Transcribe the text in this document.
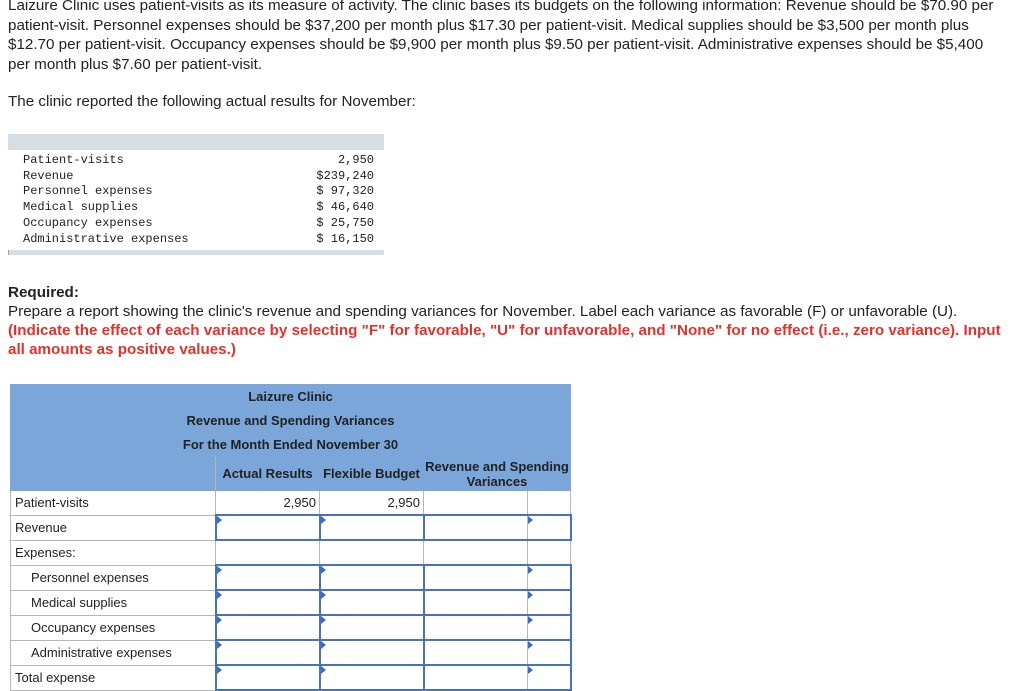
Laizure Clinic uses patient-visits as its measure of activity. The clinic bases its budgets on the following information: Revenue should be $70.90 per patient-visit. Personnel expenses should be $37,200 per month plus $17.30 per patient-visit. Medical supplies should be $3,500 per month plus $12.70 per patient-visit. Occupancy expenses should be $9,900 per month plus $9.50 per patient-visit. Administrative expenses should be $5,400 per month plus $7.60 per patient-visit.

The clinic reported the following actual results for November:

Patient-visits	2,950
Revenue	$239,240
Personnel expenses	$ 97,320
Medical supplies	$ 46,640
Occupancy expenses	$ 25,750
Administrative expenses	$ 16,150
Required:
Prepare a report showing the clinic's revenue and spending variances for November. Label each variance as favorable (F) or unfavorable (U). (Indicate the effect of each variance by selecting "F" for favorable, "U" for unfavorable, and "None" for no effect (i.e., zero variance). Input all amounts as positive values.)
Laizure Clinic				
Revenue and Spending Variances				
For the Month Ended November 30				
	Actual Results	Flexible Budget	Revenue and Spending Variances	
Patient-visits	2,950	2,950		
Revenue				
Expenses:				
Personnel expenses				
Medical supplies				
Occupancy expenses				
Administrative expenses				
Total expense				
